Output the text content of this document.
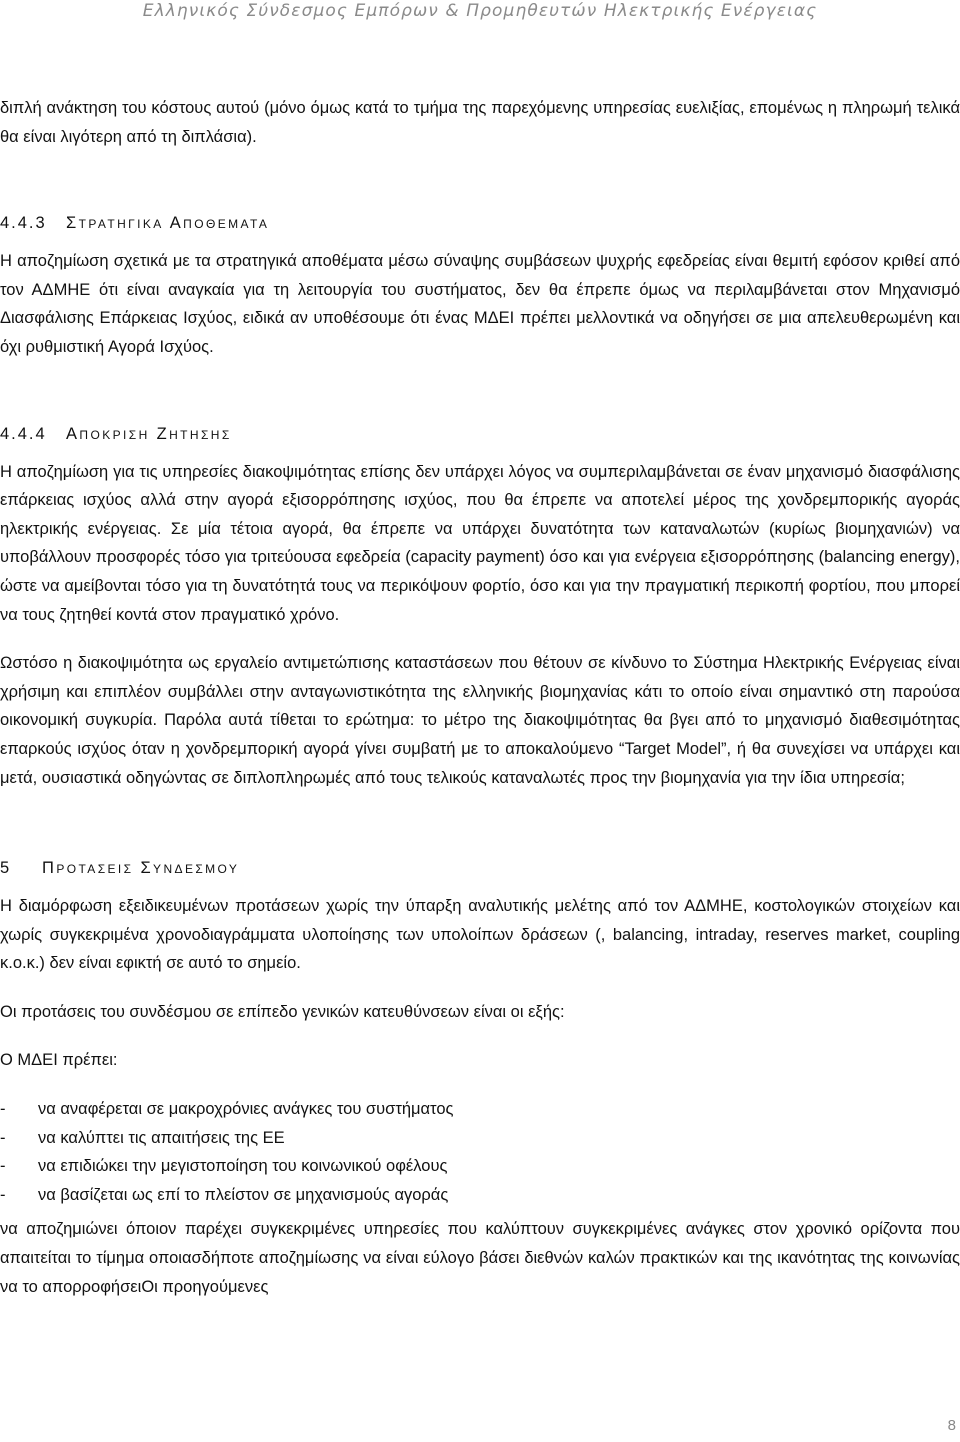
Ελληνικός Σύνδεσμος Εμπόρων & Προμηθευτών Ηλεκτρικής Ενέργειας

διπλή ανάκτηση του κόστους αυτού (μόνο όμως κατά το τμήμα της παρεχόμενης υπηρεσίας ευελιξίας, επομένως η πληρωμή τελικά θα είναι λιγότερη από τη διπλάσια).

4.4.3 Στρατηγικα Αποθεματα

Η αποζημίωση σχετικά με τα στρατηγικά αποθέματα μέσω σύναψης συμβάσεων ψυχρής εφεδρείας είναι θεμιτή εφόσον κριθεί από τον ΑΔΜΗΕ ότι είναι αναγκαία για τη λειτουργία του συστήματος, δεν θα έπρεπε όμως να περιλαμβάνεται στον Μηχανισμό Διασφάλισης Επάρκειας Ισχύος, ειδικά αν υποθέσουμε ότι ένας ΜΔΕΙ πρέπει μελλοντικά να οδηγήσει σε μια απελευθερωμένη και όχι ρυθμιστική Αγορά Ισχύος.

4.4.4 Αποκριση Ζητησης

Η αποζημίωση για τις υπηρεσίες διακοψιμότητας επίσης δεν υπάρχει λόγος να συμπεριλαμβάνεται σε έναν μηχανισμό διασφάλισης επάρκειας ισχύος αλλά στην αγορά εξισορρόπησης ισχύος, που θα έπρεπε να αποτελεί μέρος της χονδρεμπορικής αγοράς ηλεκτρικής ενέργειας. Σε μία τέτοια αγορά, θα έπρεπε να υπάρχει δυνατότητα των καταναλωτών (κυρίως βιομηχανιών) να υποβάλλουν προσφορές τόσο για τριτεύουσα εφεδρεία (capacity payment) όσο και για ενέργεια εξισορρόπησης (balancing energy), ώστε να αμείβονται τόσο για τη δυνατότητά τους να περικόψουν φορτίο, όσο και για την πραγματική περικοπή φορτίου, που μπορεί να τους ζητηθεί κοντά στον πραγματικό χρόνο.

Ωστόσο η διακοψιμότητα ως εργαλείο αντιμετώπισης καταστάσεων που θέτουν σε κίνδυνο το Σύστημα Ηλεκτρικής Ενέργειας είναι χρήσιμη και επιπλέον συμβάλλει στην ανταγωνιστικότητα της ελληνικής βιομηχανίας κάτι το οποίο είναι σημαντικό στη παρούσα οικονομική συγκυρία. Παρόλα αυτά τίθεται το ερώτημα: το μέτρο της διακοψιμότητας θα βγει από το μηχανισμό διαθεσιμότητας επαρκούς ισχύος όταν η χονδρεμπορική αγορά γίνει συμβατή με το αποκαλούμενο “Target Model”, ή θα συνεχίσει να υπάρχει και μετά, ουσιαστικά οδηγώντας σε διπλοπληρωμές από τους τελικούς καταναλωτές προς την βιομηχανία για την ίδια υπηρεσία;

5 Προτασεις Συνδεσμου

Η διαμόρφωση εξειδικευμένων προτάσεων χωρίς την ύπαρξη αναλυτικής μελέτης από τον ΑΔΜΗΕ, κοστολογικών στοιχείων και χωρίς συγκεκριμένα χρονοδιαγράμματα υλοποίησης των υπολοίπων δράσεων (, balancing, intraday, reserves market, coupling κ.ο.κ.) δεν είναι εφικτή σε αυτό το σημείο.

Οι προτάσεις του συνδέσμου σε επίπεδο γενικών κατευθύνσεων είναι οι εξής:

Ο ΜΔΕΙ πρέπει:

- να αναφέρεται σε μακροχρόνιες ανάγκες του συστήματος
- να καλύπτει τις απαιτήσεις της ΕΕ
- να επιδιώκει την μεγιστοποίηση του κοινωνικού οφέλους
- να βασίζεται ως επί το πλείστον σε μηχανισμούς αγοράς

να αποζημιώνει όποιον παρέχει συγκεκριμένες υπηρεσίες που καλύπτουν συγκεκριμένες ανάγκες στον χρονικό ορίζοντα που απαιτείται το τίμημα οποιασδήποτε αποζημίωσης να είναι εύλογο βάσει διεθνών καλών πρακτικών και της ικανότητας της κοινωνίας να το απορροφήσειΟι προηγούμενες

8
